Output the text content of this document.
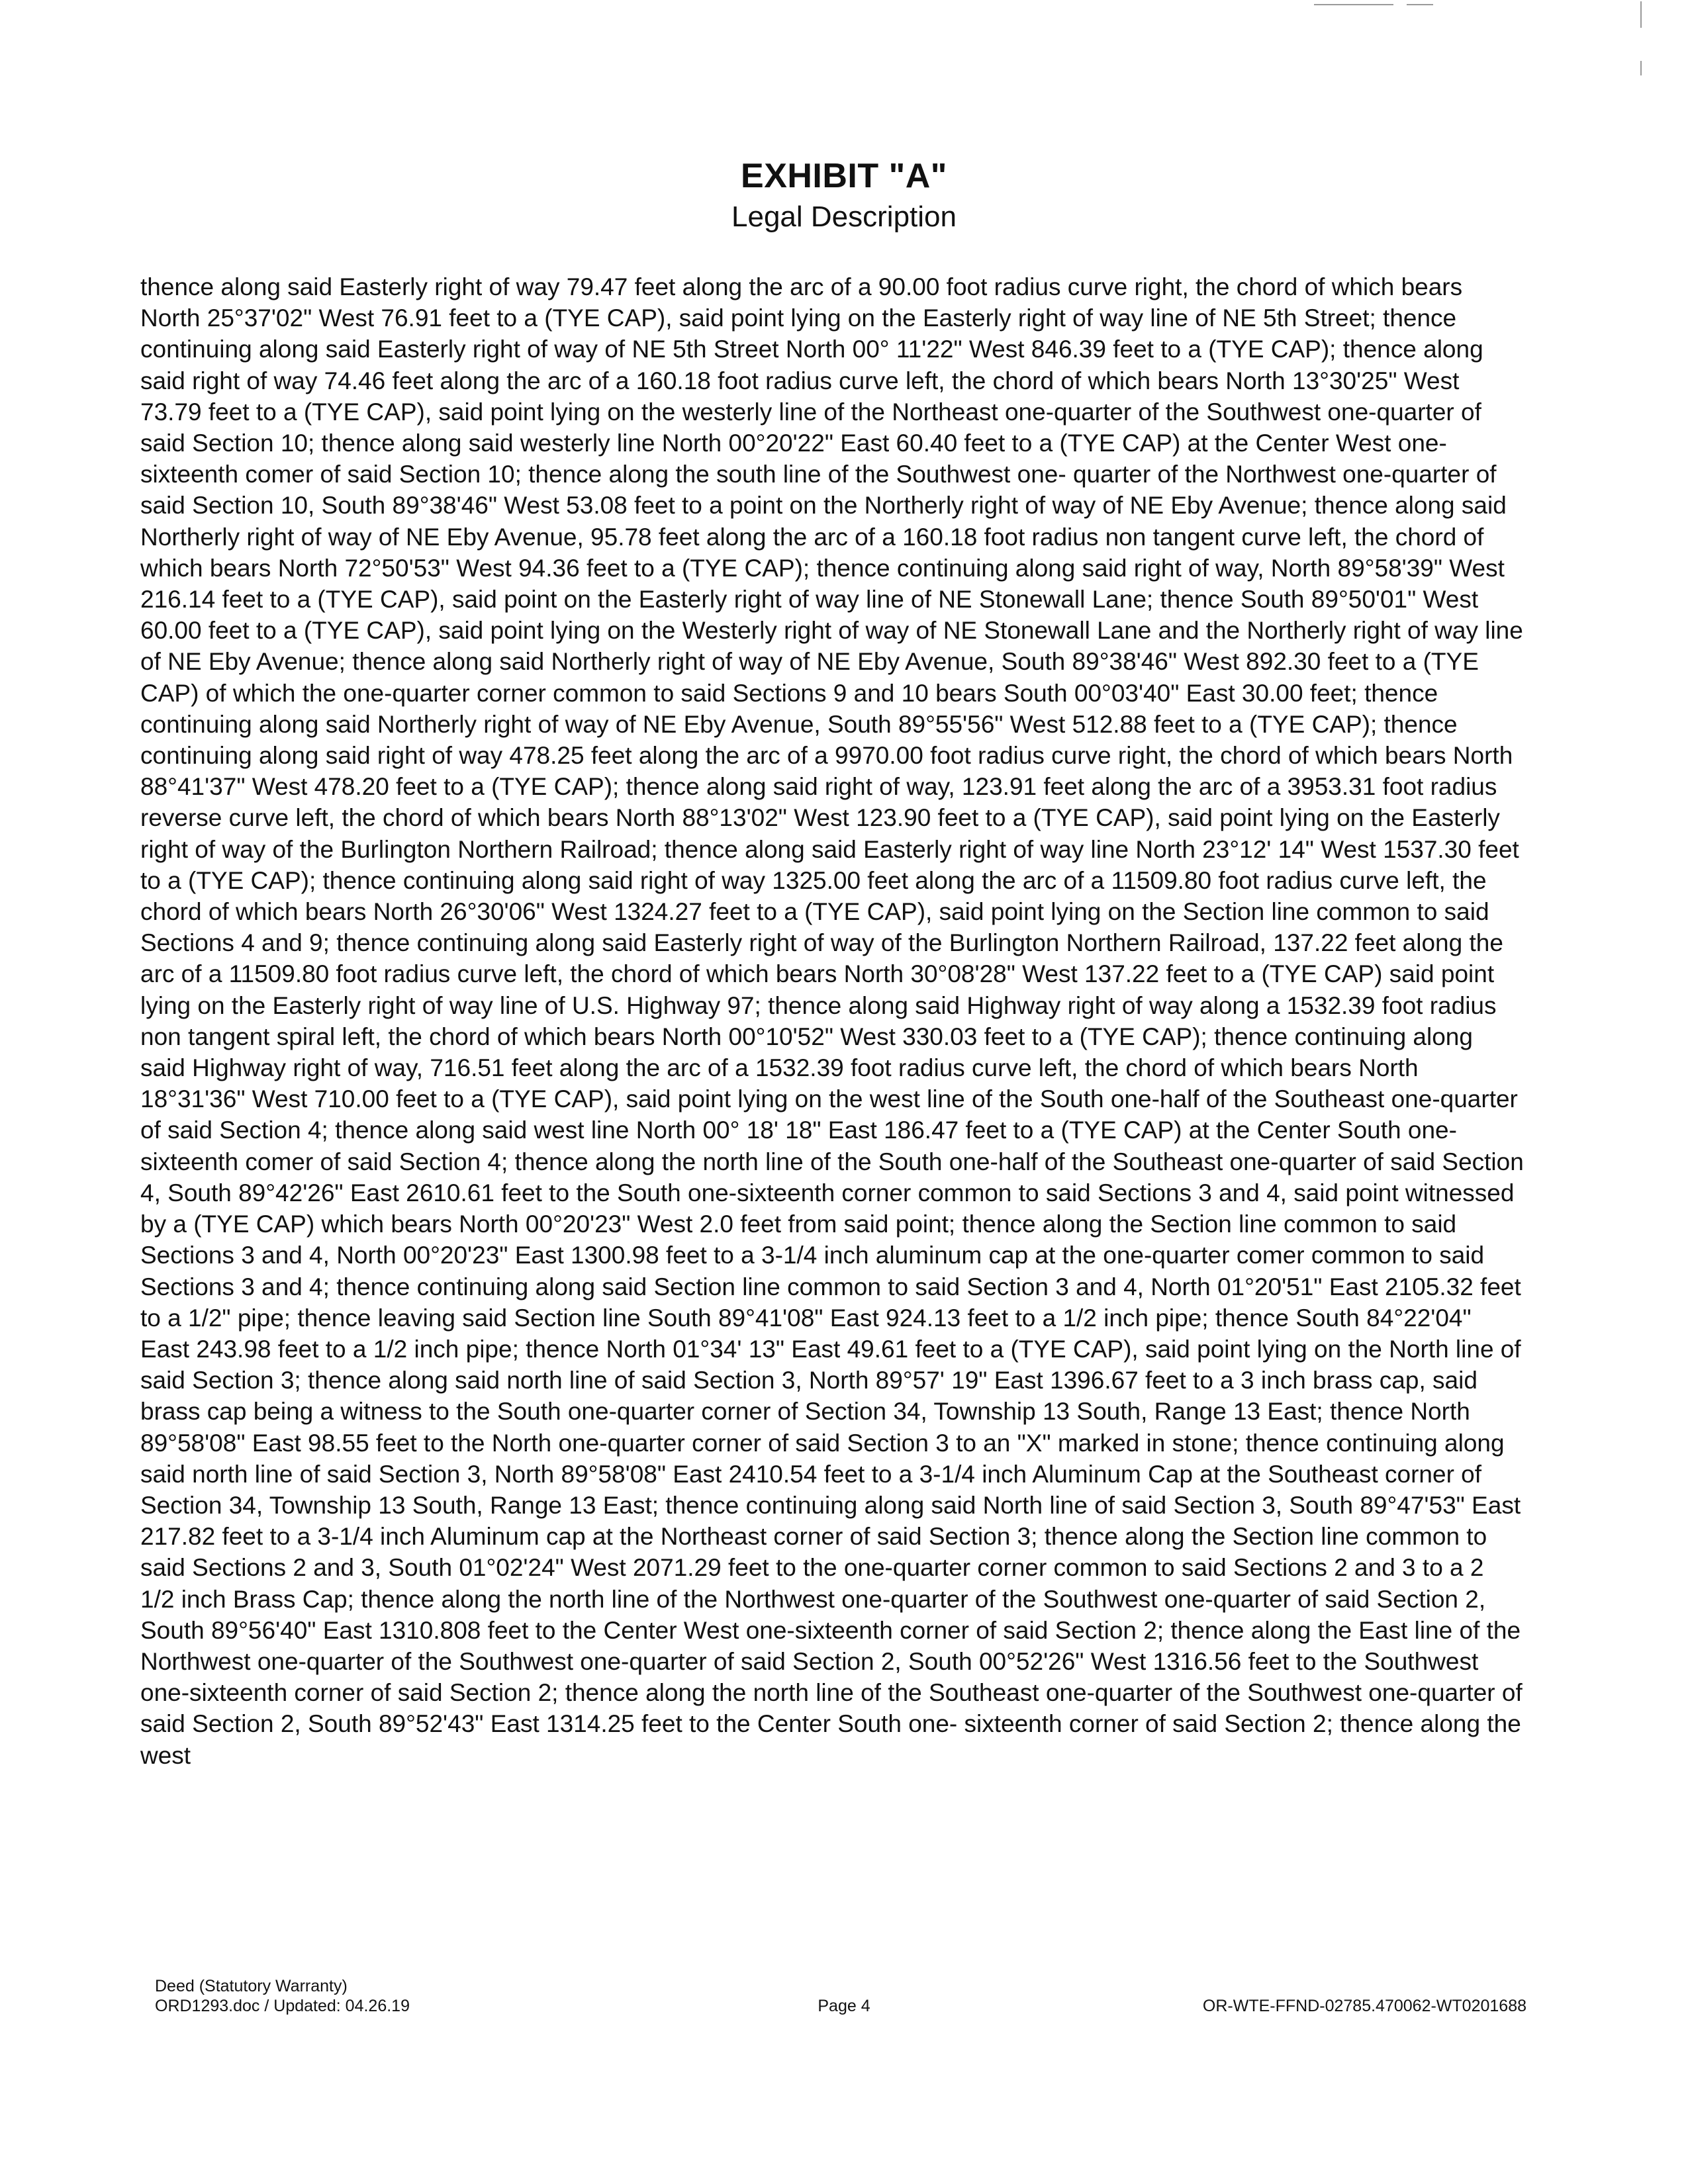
EXHIBIT "A"
Legal Description
thence along said Easterly right of way 79.47 feet along the arc of a 90.00 foot radius curve right, the chord of which bears North 25°37'02" West 76.91 feet to a (TYE CAP), said point lying on the Easterly right of way line of NE 5th Street; thence continuing along said Easterly right of way of NE 5th Street North 00° 11'22" West 846.39 feet to a (TYE CAP); thence along said right of way 74.46 feet along the arc of a 160.18 foot radius curve left, the chord of which bears North 13°30'25" West 73.79 feet to a (TYE CAP), said point lying on the westerly line of the Northeast one-quarter of the Southwest one-quarter of said Section 10; thence along said westerly line North 00°20'22" East 60.40 feet to a (TYE CAP) at the Center West one- sixteenth comer of said Section 10; thence along the south line of the Southwest one- quarter of the Northwest one-quarter of said Section 10, South 89°38'46" West 53.08 feet to a point on the Northerly right of way of NE Eby Avenue; thence along said Northerly right of way of NE Eby Avenue, 95.78 feet along the arc of a 160.18 foot radius non tangent curve left, the chord of which bears North 72°50'53" West 94.36 feet to a (TYE CAP); thence continuing along said right of way, North 89°58'39" West 216.14 feet to a (TYE CAP), said point on the Easterly right of way line of NE Stonewall Lane; thence South 89°50'01" West 60.00 feet to a (TYE CAP), said point lying on the Westerly right of way of NE Stonewall Lane and the Northerly right of way line of NE Eby Avenue; thence along said Northerly right of way of NE Eby Avenue, South 89°38'46" West 892.30 feet to a (TYE CAP) of which the one-quarter corner common to said Sections 9 and 10 bears South 00°03'40" East 30.00 feet; thence continuing along said Northerly right of way of NE Eby Avenue, South 89°55'56" West 512.88 feet to a (TYE CAP); thence continuing along said right of way 478.25 feet along the arc of a 9970.00 foot radius curve right, the chord of which bears North 88°41'37" West 478.20 feet to a (TYE CAP); thence along said right of way, 123.91 feet along the arc of a 3953.31 foot radius reverse curve left, the chord of which bears North 88°13'02" West 123.90 feet to a (TYE CAP), said point lying on the Easterly right of way of the Burlington Northern Railroad; thence along said Easterly right of way line North 23°12' 14" West 1537.30 feet to a (TYE CAP); thence continuing along said right of way 1325.00 feet along the arc of a 11509.80 foot radius curve left, the chord of which bears North 26°30'06" West 1324.27 feet to a (TYE CAP), said point lying on the Section line common to said Sections 4 and 9; thence continuing along said Easterly right of way of the Burlington Northern Railroad, 137.22 feet along the arc of a 11509.80 foot radius curve left, the chord of which bears North 30°08'28" West 137.22 feet to a (TYE CAP) said point lying on the Easterly right of way line of U.S. Highway 97; thence along said Highway right of way along a 1532.39 foot radius non tangent spiral left, the chord of which bears North 00°10'52" West 330.03 feet to a (TYE CAP); thence continuing along said Highway right of way, 716.51 feet along the arc of a 1532.39 foot radius curve left, the chord of which bears North 18°31'36" West 710.00 feet to a (TYE CAP), said point lying on the west line of the South one-half of the Southeast one-quarter of said Section 4; thence along said west line North 00° 18' 18" East 186.47 feet to a (TYE CAP) at the Center South one-sixteenth comer of said Section 4; thence along the north line of the South one-half of the Southeast one-quarter of said Section 4, South 89°42'26" East 2610.61 feet to the South one-sixteenth corner common to said Sections 3 and 4, said point witnessed by a (TYE CAP) which bears North 00°20'23" West 2.0 feet from said point; thence along the Section line common to said Sections 3 and 4, North 00°20'23" East 1300.98 feet to a 3-1/4 inch aluminum cap at the one-quarter comer common to said Sections 3 and 4; thence continuing along said Section line common to said Section 3 and 4, North 01°20'51" East 2105.32 feet to a 1/2" pipe; thence leaving said Section line South 89°41'08" East 924.13 feet to a 1/2 inch pipe; thence South 84°22'04" East 243.98 feet to a 1/2 inch pipe; thence North 01°34' 13" East 49.61 feet to a (TYE CAP), said point lying on the North line of said Section 3; thence along said north line of said Section 3, North 89°57' 19" East 1396.67 feet to a 3 inch brass cap, said brass cap being a witness to the South one-quarter corner of Section 34, Township 13 South, Range 13 East; thence North 89°58'08" East 98.55 feet to the North one-quarter corner of said Section 3 to an "X" marked in stone; thence continuing along said north line of said Section 3, North 89°58'08" East 2410.54 feet to a 3-1/4 inch Aluminum Cap at the Southeast corner of Section 34, Township 13 South, Range 13 East; thence continuing along said North line of said Section 3, South 89°47'53" East 217.82 feet to a 3-1/4 inch Aluminum cap at the Northeast corner of said Section 3; thence along the Section line common to said Sections 2 and 3, South 01°02'24" West 2071.29 feet to the one-quarter corner common to said Sections 2 and 3 to a 2 1/2 inch Brass Cap; thence along the north line of the Northwest one-quarter of the Southwest one-quarter of said Section 2, South 89°56'40" East 1310.808 feet to the Center West one-sixteenth corner of said Section 2; thence along the East line of the Northwest one-quarter of the Southwest one-quarter of said Section 2, South 00°52'26" West 1316.56 feet to the Southwest one-sixteenth corner of said Section 2; thence along the north line of the Southeast one-quarter of the Southwest one-quarter of said Section 2, South 89°52'43" East 1314.25 feet to the Center South one- sixteenth corner of said Section 2; thence along the west
Deed (Statutory Warranty)
ORD1293.doc / Updated: 04.26.19	Page 4	OR-WTE-FFND-02785.470062-WT0201688
